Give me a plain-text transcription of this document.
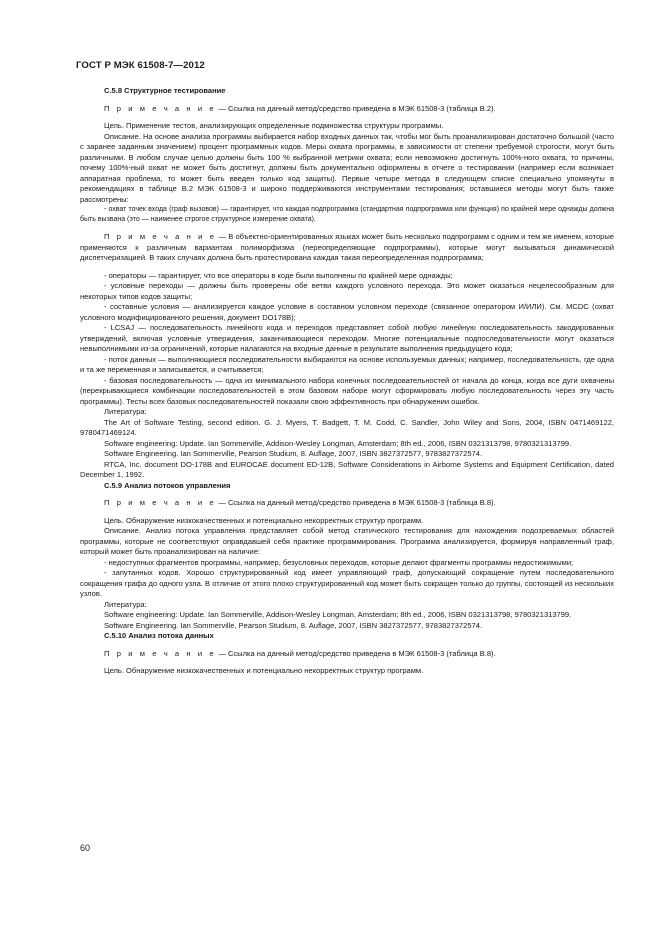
ГОСТ Р МЭК 61508-7—2012

С.5.8 Структурное тестирование

П р и м е ч а н и е — Ссылка на данный метод/средство приведена в МЭК 61508-3 (таблица В.2).

Цель. Применение тестов, анализирующих определенные подмножества структуры программы.

Описание. На основе анализа программы выбирается набор входных данных так, чтобы мог быть проанализирован достаточно большой (часто с заранее заданным значением) процент программных кодов. Меры охвата программы, в зависимости от степени требуемой строгости, могут быть различными. В любом случае целью должны быть 100 % выбранной метрики охвата; если невозможно достигнуть 100%-ного охвата, то причины, почему 100%-ный охват не может быть достигнут, должны быть документально оформлены в отчете о тестировании (например если возникает аппаратная проблема, то может быть введен только код защиты). Первые четыре метода в следующем списке специально упомянуты в рекомендациях в таблице В.2 МЭК 61508-3 и широко поддерживаются инструментами тестирования; оставшиеся методы могут быть также рассмотрены:

- охват точек входа (граф вызовов) — гарантирует, что каждая подпрограмма (стандартная подпрограмма или функция) по крайней мере однажды должна быть вызвана (это — наименее строгое структурное измерение охвата).

П р и м е ч а н и е — В объектно-ориентированных языках может быть несколько подпрограмм с одним и тем же именем, которые применяются к различным вариантам полиморфизма (переопределяющие подпрограммы), которые могут вызываться динамической диспетчеризацией. В таких случаях должна быть протестирована каждая такая переопределенная подпрограмма;

- операторы — гарантирует, что все операторы в коде были выполнены по крайней мере однажды;

- условные переходы — должны быть проверены обе ветви каждого условного перехода. Это может оказаться нецелесообразным для некоторых типов кодов защиты;

- составные условия — анализируется каждое условие в составном условном переходе (связанное оператором И/ИЛИ). См. MCDC (охват условного модифицированного решения, документ DO178B);

- LCSAJ — последовательность линейного кода и переходов представляет собой любую линейную последовательность закодированных утверждений, включая условные утверждения, заканчивающиеся переходом. Многие потенциальные подпоследовательности могут оказаться невыполнимыми из-за ограничений, которые налагаются на входные данные в результате выполнения предыдущего кода;

- поток данных — выполняющиеся последовательности выбираются на основе используемых данных; например, последовательность, где одна и та же переменная и записывается, и считывается;

- базовая последовательность — одна из минимального набора конечных последовательностей от начала до конца, когда все дуги охвачены (перекрывающиеся комбинации последовательностей в этом базовом наборе могут сформировать любую последовательность через эту часть программы). Тесты всех базовых последовательностей показали свою эффективность при обнаружении ошибок.

Литература:

The Art of Software Testing, second edition. G. J. Myers, T. Badgett, T. M. Codd, C. Sandler, John Wiley and Sons, 2004, ISBN 0471469122, 9780471469124.

Software engineering: Update. Ian Sommerville, Addison-Wesley Longman, Amsterdam; 8th ed., 2006, ISBN 0321313798, 9780321313799.

Software Engineering. Ian Sommerville, Pearson Studium, 8. Auflage, 2007, ISBN 3827372577, 9783827372574.

RTCA, Inc. document DO-178B and EUROCAE document ED-12B, Software Considerations in Airborne Systems and Equipment Certification, dated December 1, 1992.

С.5.9 Анализ потоков управления

П р и м е ч а н и е — Ссылка на данный метод/средство приведена в МЭК 61508-3 (таблица В.8).

Цель. Обнаружение низкокачественных и потенциально некорректных структур программ.

Описание. Анализ потока управления представляет собой метод статического тестирования для нахождения подозреваемых областей программы, которые не соответствуют оправдавшей себя практике программирования. Программа анализируется, формируя направленный граф, который может быть проанализирован на наличие:

- недоступных фрагментов программы, например, безусловных переходов, которые делают фрагменты программы недостижимыми;

- запутанных кодов. Хорошо структурированный код имеет управляющий граф, допускающий сокращение путем последовательного сокращения графа до одного узла. В отличие от этого плохо структурированный код может быть сокращен только до группы, состоящей из нескольких узлов.

Литература:

Software engineering: Update. Ian Sommerville, Addison-Wesley Longman, Amsterdam; 8th ed., 2006, ISBN 0321313798, 9780321313799.

Software Engineering. Ian Sommerville, Pearson Studium, 8. Auflage, 2007, ISBN 3827372577, 9783827372574.

С.5.10 Анализ потока данных

П р и м е ч а н и е — Ссылка на данный метод/средство приведена в МЭК 61508-3 (таблица В.8).

Цель. Обнаружение низкокачественных и потенциально некорректных структур программ.

60
